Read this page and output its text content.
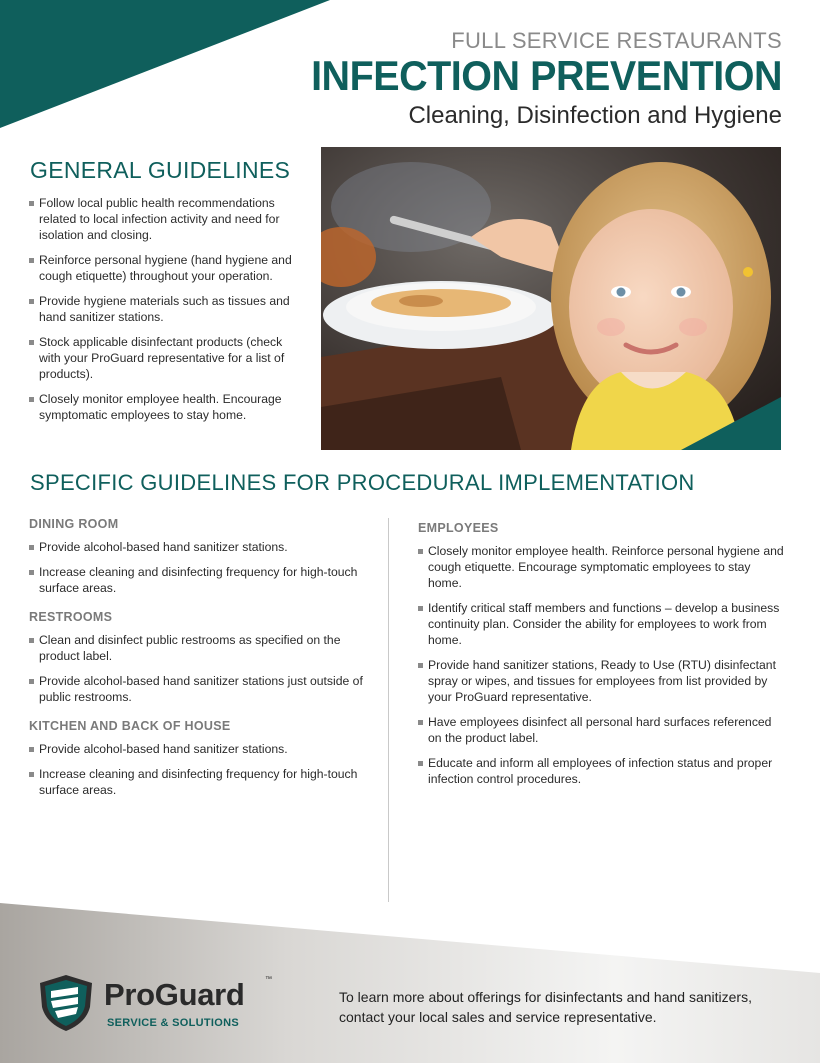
FULL SERVICE RESTAURANTS
INFECTION PREVENTION
Cleaning, Disinfection and Hygiene
GENERAL GUIDELINES
Follow local public health recommendations related to local infection activity and need for isolation and closing.
Reinforce personal hygiene (hand hygiene and cough etiquette) throughout your operation.
Provide hygiene materials such as tissues and hand sanitizer stations.
Stock applicable disinfectant products (check with your ProGuard representative for a list of products).
Closely monitor employee health. Encourage symptomatic employees to stay home.
SPECIFIC GUIDELINES FOR PROCEDURAL IMPLEMENTATION
DINING ROOM
Provide alcohol-based hand sanitizer stations.
Increase cleaning and disinfecting frequency for high-touch surface areas.
RESTROOMS
Clean and disinfect public restrooms as specified on the product label.
Provide alcohol-based hand sanitizer stations just outside of public restrooms.
KITCHEN AND BACK OF HOUSE
Provide alcohol-based hand sanitizer stations.
Increase cleaning and disinfecting frequency for high-touch surface areas.
EMPLOYEES
Closely monitor employee health. Reinforce personal hygiene and cough etiquette. Encourage symptomatic employees to stay home.
Identify critical staff members and functions – develop a business continuity plan. Consider the ability for employees to work from home.
Provide hand sanitizer stations, Ready to Use (RTU) disinfectant spray or wipes, and tissues for employees from list provided by your ProGuard representative.
Have employees disinfect all personal hard surfaces referenced on the product label.
Educate and inform all employees of infection status and proper infection control procedures.
ProGuard	™
SERVICE & SOLUTIONS
To learn more about offerings for disinfectants and hand sanitizers, contact your local sales and service representative.
